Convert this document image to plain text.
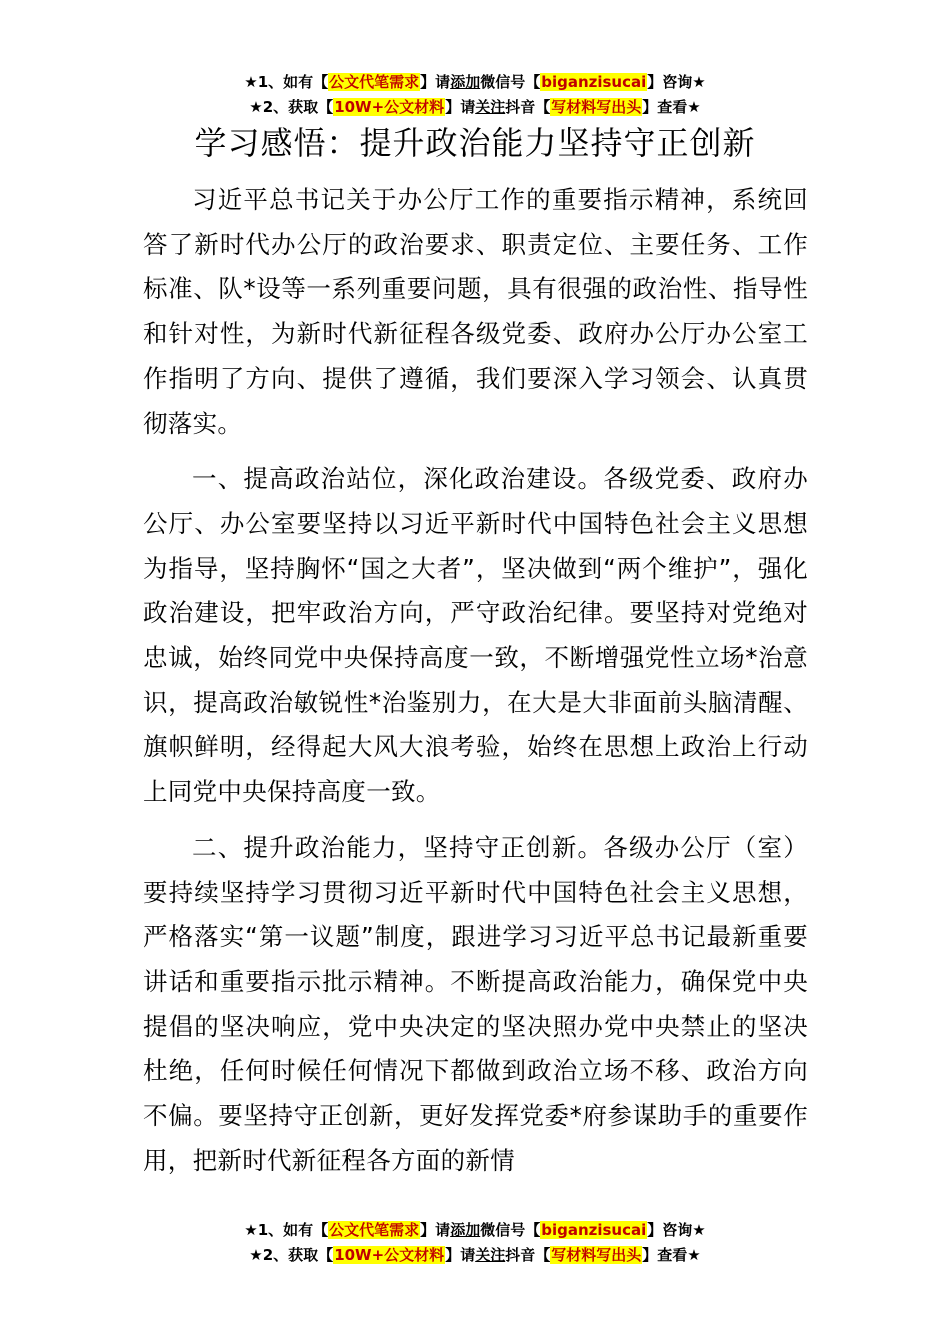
★1、如有【公文代笔需求】请添加微信号【biganzisucai】咨询★
★2、获取【10W+公文材料】请关注抖音【写材料写出头】查看★
学习感悟：提升政治能力坚持守正创新

习近平总书记关于办公厅工作的重要指示精神，系统回答了新时代办公厅的政治要求、职责定位、主要任务、工作标准、队*设等一系列重要问题，具有很强的政治性、指导性和针对性，为新时代新征程各级党委、政府办公厅办公室工作指明了方向、提供了遵循，我们要深入学习领会、认真贯彻落实。

一、提高政治站位，深化政治建设。各级党委、政府办公厅、办公室要坚持以习近平新时代中国特色社会主义思想为指导，坚持胸怀“国之大者”，坚决做到“两个维护”，强化政治建设，把牢政治方向，严守政治纪律。要坚持对党绝对忠诚，始终同党中央保持高度一致，不断增强党性立场*治意识，提高政治敏锐性*治鉴别力，在大是大非面前头脑清醒、旗帜鲜明，经得起大风大浪考验，始终在思想上政治上行动上同党中央保持高度一致。

二、提升政治能力，坚持守正创新。各级办公厅（室）要持续坚持学习贯彻习近平新时代中国特色社会主义思想，严格落实“第一议题”制度，跟进学习习近平总书记最新重要讲话和重要指示批示精神。不断提高政治能力，确保党中央提倡的坚决响应，党中央决定的坚决照办党中央禁止的坚决杜绝，任何时候任何情况下都做到政治立场不移、政治方向不偏。要坚持守正创新，更好发挥党委*府参谋助手的重要作用，把新时代新征程各方面的新情

★1、如有【公文代笔需求】请添加微信号【biganzisucai】咨询★
★2、获取【10W+公文材料】请关注抖音【写材料写出头】查看★
